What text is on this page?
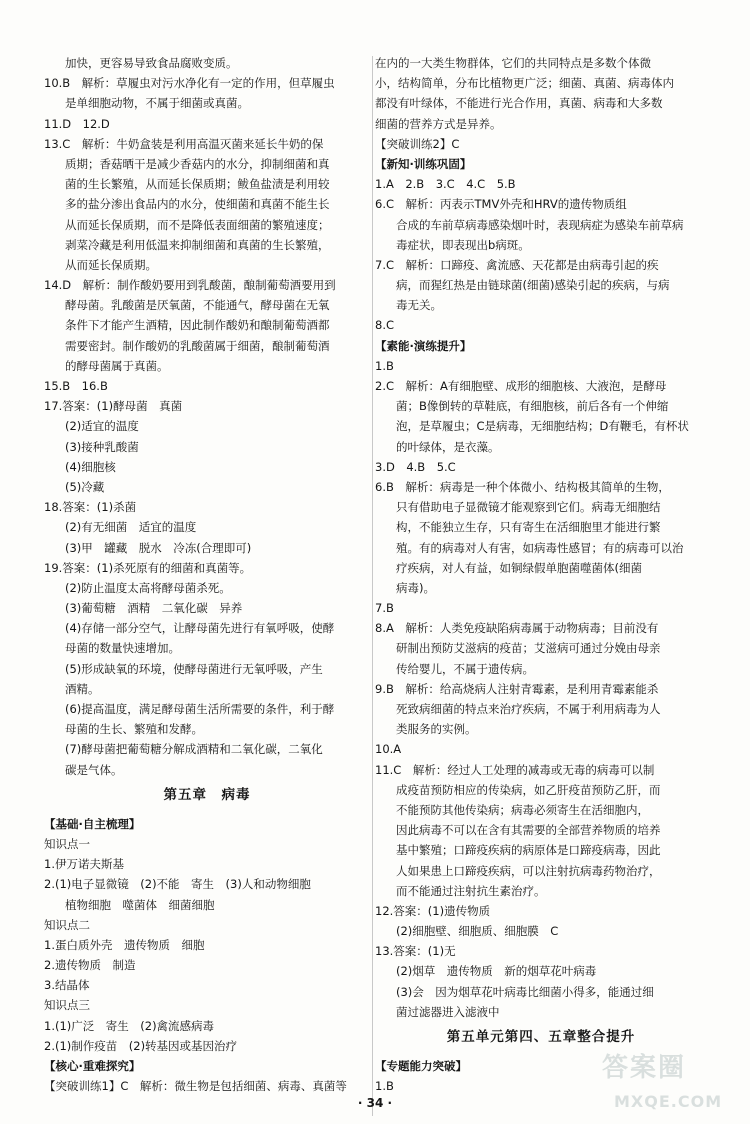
加快，更容易导致食品腐败变质。
10.B　解析：草履虫对污水净化有一定的作用，但草履虫
是单细胞动物，不属于细菌或真菌。
11.D　12.D
13.C　解析：牛奶盒装是利用高温灭菌来延长牛奶的保
质期；香菇晒干是减少香菇内的水分，抑制细菌和真
菌的生长繁殖，从而延长保质期；鲅鱼盐渍是利用较
多的盐分渗出食品内的水分，使细菌和真菌不能生长
从而延长保质期，而不是降低表面细菌的繁殖速度；
剥菜冷藏是利用低温来抑制细菌和真菌的生长繁殖，
从而延长保质期。
14.D　解析：制作酸奶要用到乳酸菌，酿制葡萄酒要用到
酵母菌。乳酸菌是厌氧菌，不能通气，酵母菌在无氧
条件下才能产生酒精，因此制作酸奶和酿制葡萄酒都
需要密封。制作酸奶的乳酸菌属于细菌，酿制葡萄酒
的酵母菌属于真菌。
15.B　16.B
17.答案：(1)酵母菌　真菌
(2)适宜的温度
(3)接种乳酸菌
(4)细胞核
(5)冷藏
18.答案：(1)杀菌
(2)有无细菌　适宜的温度
(3)甲　罐藏　脱水　冷冻(合理即可)
19.答案：(1)杀死原有的细菌和真菌等。
(2)防止温度太高将酵母菌杀死。
(3)葡萄糖　酒精　二氧化碳　异养
(4)存储一部分空气，让酵母菌先进行有氧呼吸，使酵
母菌的数量快速增加。
(5)形成缺氧的环境，使酵母菌进行无氧呼吸，产生
酒精。
(6)提高温度，满足酵母菌生活所需要的条件，利于酵
母菌的生长、繁殖和发酵。
(7)酵母菌把葡萄糖分解成酒精和二氧化碳，二氧化
碳是气体。
第五章　病毒
【基础·自主梳理】
知识点一
1.伊万诺夫斯基
2.(1)电子显微镜　(2)不能　寄生　(3)人和动物细胞
植物细胞　噬菌体　细菌细胞
知识点二
1.蛋白质外壳　遗传物质　细胞
2.遗传物质　制造
3.结晶体
知识点三
1.(1)广泛　寄生　(2)禽流感病毒
2.(1)制作疫苗　(2)转基因或基因治疗
【核心·重难探究】
【突破训练1】C　解析：微生物是包括细菌、病毒、真菌等
在内的一大类生物群体，它们的共同特点是多数个体微
小，结构简单，分布比植物更广泛；细菌、真菌、病毒体内
都没有叶绿体，不能进行光合作用，真菌、病毒和大多数
细菌的营养方式是异养。
【突破训练2】C
【新知·训练巩固】
1.A　2.B　3.C　4.C　5.B
6.C　解析：丙表示TMV外壳和HRV的遗传物质组
合成的车前草病毒感染烟叶时，表现病症为感染车前草病
毒症状，即表现出b病斑。
7.C　解析：口蹄疫、禽流感、天花都是由病毒引起的疾
病，而猩红热是由链球菌(细菌)感染引起的疾病，与病
毒无关。
8.C
【素能·演练提升】
1.B
2.C　解析：A有细胞壁、成形的细胞核、大液泡，是酵母
菌；B像倒转的草鞋底，有细胞核，前后各有一个伸缩
泡，是草履虫；C是病毒，无细胞结构；D有鞭毛，有杯状
的叶绿体，是衣藻。
3.D　4.B　5.C
6.B　解析：病毒是一种个体微小、结构极其简单的生物，
只有借助电子显微镜才能观察到它们。病毒无细胞结
构，不能独立生存，只有寄生在活细胞里才能进行繁
殖。有的病毒对人有害，如病毒性感冒；有的病毒可以治
疗疾病，对人有益，如铜绿假单胞菌噬菌体(细菌
病毒)。
7.B
8.A　解析：人类免疫缺陷病毒属于动物病毒；目前没有
研制出预防艾滋病的疫苗；艾滋病可通过分娩由母亲
传给婴儿，不属于遗传病。
9.B　解析：给高烧病人注射青霉素，是利用青霉素能杀
死致病细菌的特点来治疗疾病，不属于利用病毒为人
类服务的实例。
10.A
11.C　解析：经过人工处理的减毒或无毒的病毒可以制
成疫苗预防相应的传染病，如乙肝疫苗预防乙肝，而
不能预防其他传染病；病毒必须寄生在活细胞内，
因此病毒不可以在含有其需要的全部营养物质的培养
基中繁殖；口蹄疫疾病的病原体是口蹄疫病毒，因此
人如果患上口蹄疫疾病，可以注射抗病毒药物治疗，
而不能通过注射抗生素治疗。
12.答案：(1)遗传物质
(2)细胞壁、细胞质、细胞膜　C
13.答案：(1)无
(2)烟草　遗传物质　新的烟草花叶病毒
(3)会　因为烟草花叶病毒比细菌小得多，能通过细
菌过滤器进入滤液中
第五单元第四、五章整合提升
【专题能力突破】
1.B
· 34 ·
答案圈
MXQE.COM
